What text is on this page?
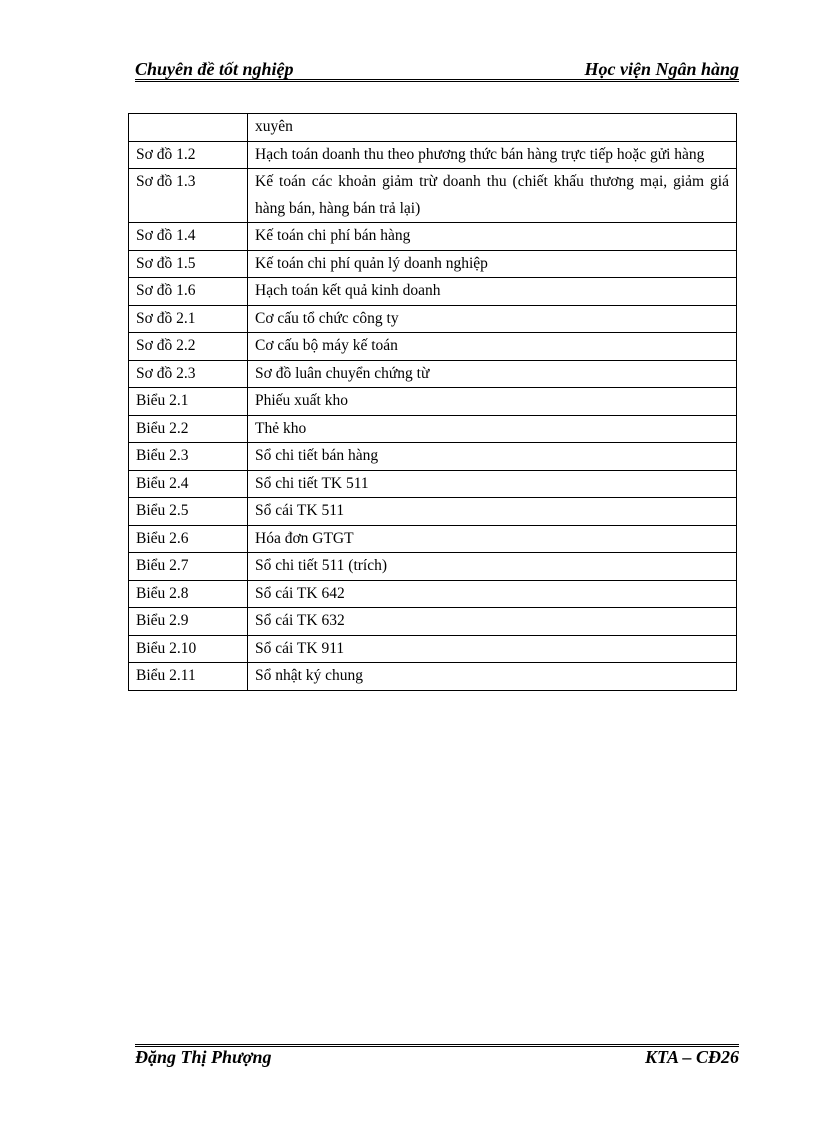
Chuyên đề tốt nghiệp	Học viện Ngân hàng
	xuyên
Sơ đồ 1.2	Hạch toán doanh thu theo phương thức bán hàng trực tiếp hoặc gửi hàng
Sơ đồ 1.3	Kế toán các khoản giảm trừ doanh thu (chiết khấu thương mại, giảm giá hàng bán, hàng bán trả lại)
Sơ đồ 1.4	Kế toán chi phí bán hàng
Sơ đồ 1.5	Kế toán chi phí quản lý doanh nghiệp
Sơ đồ 1.6	Hạch toán kết quả kinh doanh
Sơ đồ 2.1	Cơ cấu tổ chức công ty
Sơ đồ 2.2	Cơ cấu bộ máy kế toán
Sơ đồ 2.3	Sơ đồ luân chuyển chứng từ
Biểu 2.1	Phiếu xuất kho
Biểu 2.2	Thẻ kho
Biểu 2.3	Sổ chi tiết bán hàng
Biểu 2.4	Sổ chi tiết TK 511
Biểu 2.5	Sổ cái TK 511
Biểu 2.6	Hóa đơn GTGT
Biểu 2.7	Sổ chi tiết 511 (trích)
Biểu 2.8	Sổ cái TK 642
Biểu 2.9	Sổ cái TK 632
Biểu 2.10	Sổ cái TK 911
Biểu 2.11	Sổ nhật ký chung
Đặng Thị Phượng	KTA – CĐ26
